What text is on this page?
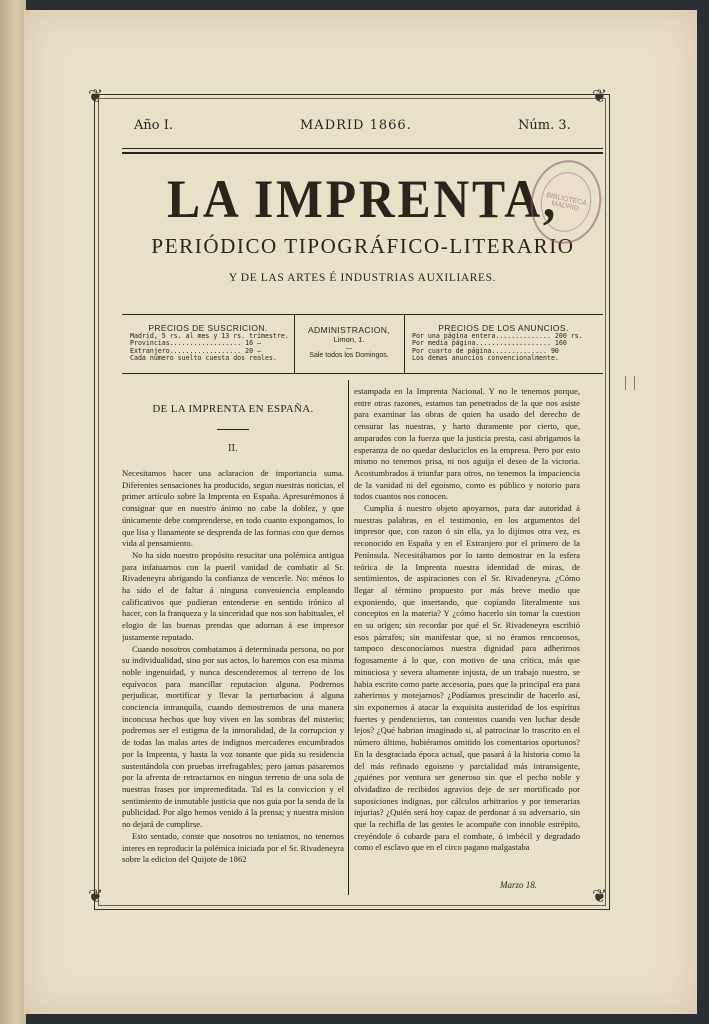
❦	❦
❦	❦
Año I.	MADRID 1866.	Núm. 3.
LA IMPRENTA,
PERIÓDICO TIPOGRÁFICO-LITERARIO
Y DE LAS ARTES É INDUSTRIAS AUXILIARES.
BIBLIOTECA MADRID
PRECIOS DE SUSCRICION.
Madrid, 5 rs. al mes y 13 rs. trimestre.
Provincias.................. 16 —
Extranjero.................. 20 —
Cada número suelto cuesta dos reales.
ADMINISTRACION,
Limon, 1.
—
Sale todos los Domingos.
PRECIOS DE LOS ANUNCIOS.
Por una página entera.............. 200 rs.
Por media página................... 160
Por cuarto de página.............. 90
Los demas anuncios convencionalmente.
DE LA IMPRENTA EN ESPAÑA.
II.

Necesitamos hacer una aclaracion de importancia suma. Diferentes sensaciones ha producido, segun nuestras noticias, el primer artículo sobre la Imprenta en España. Apresurémonos á consignar que en nuestro ánimo no cabe la doblez, y que únicamente debe comprenderse, en todo cuanto expongamos, lo que lisa y llanamente se desprenda de las formas con que demos vida al pensamiento.

No ha sido nuestro propósito resucitar una polémica antigua para infatuarnos con la pueril vanidad de combatir al Sr. Rivadeneyra abrigando la confianza de vencerle. No: ménos lo ha sido el de faltar á ninguna conveniencia empleando calificativos que pudieran entenderse en sentido irónico al hacer, con la franqueza y la sinceridad que nos son habituales, el elogio de las buenas prendas que adornan á ese impresor justamente reputado.

Cuando nosotros combatamos á determinada persona, no por su individualidad, sino por sus actos, lo haremos con esa misma noble ingenuidad, y nunca descenderemos al terreno de los equívocos para mancillar reputacion alguna. Podremos perjudicar, mortificar y llevar la perturbacion á alguna conciencia intranquila, cuando demostremos de una manera inconcusa hechos que hoy viven en las sombras del misterio; podremos ser el estigma de la inmoralidad, de la corrupcion y de todas las malas artes de indignos mercaderes encumbrados por la Imprenta, y hasta la voz tonante que pida su residencia sustentándola con pruebas irrefragables; pero jamas pasaremos por la afrenta de retractarnos en ningun terreno de una sola de nuestras frases por impremeditada. Tal es la conviccion y el sentimiento de inmutable justicia que nos guia por la senda de la publicidad. Por algo hemos venido á la prensa; y nuestra mision no dejará de cumplirse.

Esto sentado, conste que nosotros no teniamos, no tenemos interes en reproducir la polémica iniciada por el Sr. Rivadeneyra sobre la edicion del Quijote de 1862

estampada en la Imprenta Nacional. Y no le tenemos porque, entre otras razones, estamos tan penetrados de la que nos asiste para examinar las obras de quien ha usado del derecho de censurar las nuestras, y harto duramente por cierto, que, amparados con la fuerza que la justicia presta, casi abrigamos la esperanza de no quedar desluciclos en la empresa. Pero por esto mismo no tenemos prisa, ni nos aguija el deseo de la victoria. Acostumbrados á triunfar para otros, no tenemos la impaciencia de la vanidad ni del egoismo, como es público y notorio para todos cuantos nos conocen.

Cumplia á nuestro objeto apoyarnos, para dar autoridad á nuestras palabras, en el testimonio, en los argumentos del impresor que, con razon ó sin ella, ya lo dijimos otra vez, es reconocido en España y en el Extranjero por el primero de la Península. Necesitábamos por lo tanto demostrar en la esfera teórica de la Imprenta nuestra identidad de miras, de sentimientos, de aspiraciones con el Sr. Rivadeneyra. ¿Cómo llegar al término propuesto por más breve medio que exponiendo, que insertando, que copiando literalmente sus conceptos en la materia? Y ¿cómo hacerlo sin tomar la cuestion en su origen; sin recordar por qué el Sr. Rivadeneyra escribió esos párrafos; sin manifestar que, si no éramos rencorosos, tampoco desconocíamos nuestra dignidad para adherirnos fogosamente á lo que, con motivo de una crítica, más que minuciosa y severa altamente injusta, de un trabajo nuestro, se habia escrito como parte accesoria, pues que la principal era para zaherirnos y motejarnos? ¿Podíamos prescindir de hacerlo así, sin exponernos á atacar la exquisita austeridad de los espíritus fuertes y pendencieros, tan contentos cuando ven luchar desde lejos? ¿Qué habrian imaginado si, al patrocinar lo trascrito en el número último, hubiéramos omitido los comentarios oportunos? En la desgraciada época actual, que pasará á la historia como la del más refinado egoismo y parcialidad más intransigente, ¿quiénes por ventura ser generoso sin que el pecho noble y olvidadizo de recibidos agravios deje de ser mortificado por suposiciones indignas, por cálculos arbitrarios y por temerarias injurias? ¿Quién será hoy capaz de perdonar á su adversario, sin que la rechifla de las gentes le acompañe con innoble estrépito, creyéndole ó cobarde para el combate, ó imbécil y degradado como el esclavo que en el circo pagano malgastaba

Marzo 18.
